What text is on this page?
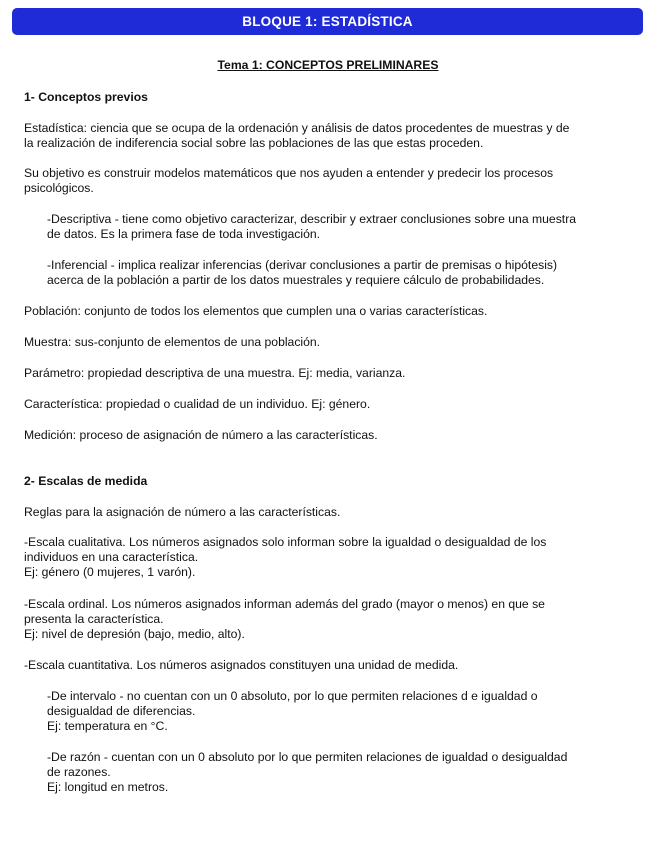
BLOQUE 1: ESTADÍSTICA
Tema 1: CONCEPTOS PRELIMINARES
1- Conceptos previos

Estadística: ciencia que se ocupa de la ordenación y análisis de datos procedentes de muestras y de

la realización de indiferencia social sobre las poblaciones de las que estas proceden.

Su objetivo es construir modelos matemáticos que nos ayuden a entender y predecir los procesos

psicológicos.

-Descriptiva - tiene como objetivo caracterizar, describir y extraer conclusiones sobre una muestra

de datos. Es la primera fase de toda investigación.

-Inferencial - implica realizar inferencias (derivar conclusiones a partir de premisas o hipótesis)

acerca de la población a partir de los datos muestrales y requiere cálculo de probabilidades.

Población: conjunto de todos los elementos que cumplen una o varias características.
Muestra: sus-conjunto de elementos de una población.
Parámetro: propiedad descriptiva de una muestra. Ej: media, varianza.
Característica: propiedad o cualidad de un individuo. Ej: género.
Medición: proceso de asignación de número a las características.
2- Escalas de medida
Reglas para la asignación de número a las características.

-Escala cualitativa. Los números asignados solo informan sobre la igualdad o desigualdad de los

individuos en una característica.

Ej: género (0 mujeres, 1 varón).

-Escala ordinal. Los números asignados informan además del grado (mayor o menos) en que se

presenta la característica.

Ej: nivel de depresión (bajo, medio, alto).

-Escala cuantitativa. Los números asignados constituyen una unidad de medida.

-De intervalo - no cuentan con un 0 absoluto, por lo que permiten relaciones d e igualdad o

desigualdad de diferencias.

Ej: temperatura en °C.

-De razón - cuentan con un 0 absoluto por lo que permiten relaciones de igualdad o desigualdad

de razones.

Ej: longitud en metros.
